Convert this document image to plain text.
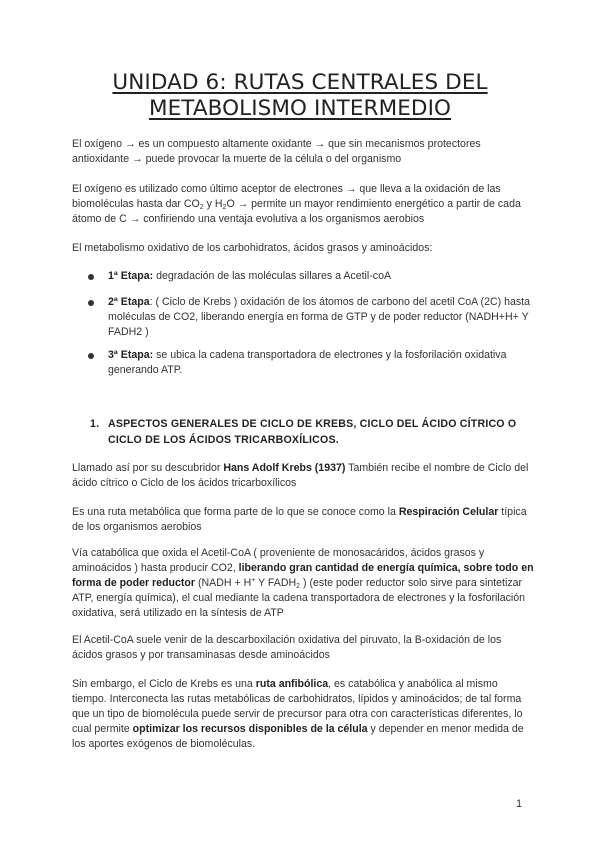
UNIDAD 6: RUTAS CENTRALES DEL METABOLISMO INTERMEDIO
El oxígeno → es un compuesto altamente oxidante → que sin mecanismos protectores antioxidante → puede provocar la muerte de la célula o del organismo
El oxígeno es utilizado como último aceptor de electrones → que lleva a la oxidación de las biomoléculas hasta dar $CO_2$ y $H_2O$ → permite un mayor rendimiento energético a partir de cada átomo de C → confiriendo una ventaja evolutiva a los organismos aerobios
El metabolismo oxidativo de los carbohidratos, ácidos grasos y aminoácidos:
1ª Etapa: degradación de las moléculas sillares a Acetil-coA
2ª Etapa: ( Ciclo de Krebs ) oxidación de los átomos de carbono del acetil CoA (2C) hasta moléculas de CO2, liberando energía en forma de GTP y de poder reductor (NADH+H+ Y FADH2 )
3ª Etapa: se ubica la cadena transportadora de electrones y la fosforilación oxidativa generando ATP.
1. ASPECTOS GENERALES DE CICLO DE KREBS, CICLO DEL ÁCIDO CÍTRICO O CICLO DE LOS ÁCIDOS TRICARBOXÍLICOS.
Llamado así por su descubridor Hans Adolf Krebs (1937) También recibe el nombre de Ciclo del ácido cítrico o Ciclo de los ácidos tricarboxílicos
Es una ruta metabólica que forma parte de lo que se conoce como la Respiración Celular típica de los organismos aerobios
Vía catabólica que oxida el Acetil-CoA ( proveniente de monosacáridos, ácidos grasos y aminoácidos ) hasta producir CO2, liberando gran cantidad de energía química, sobre todo en forma de poder reductor (NADH + H+ Y $FADH_2$ ) (este poder reductor solo sirve para sintetizar ATP, energía química), el cual mediante la cadena transportadora de electrones y la fosforilación oxidativa, será utilizado en la síntesis de ATP
El Acetil-CoA suele venir de la descarboxilación oxidativa del piruvato, la B-oxidación de los ácidos grasos y por transaminasas desde aminoácidos
Sin embargo, el Ciclo de Krebs es una ruta anfibólica, es catabólica y anabólica al mismo tiempo. Interconecta las rutas metabólicas de carbohidratos, lípidos y aminoácidos; de tal forma que un tipo de biomolécula puede servir de precursor para otra con características diferentes, lo cual permite optimizar los recursos disponibles de la célula y depender en menor medida de los aportes exógenos de biomoléculas.
1
